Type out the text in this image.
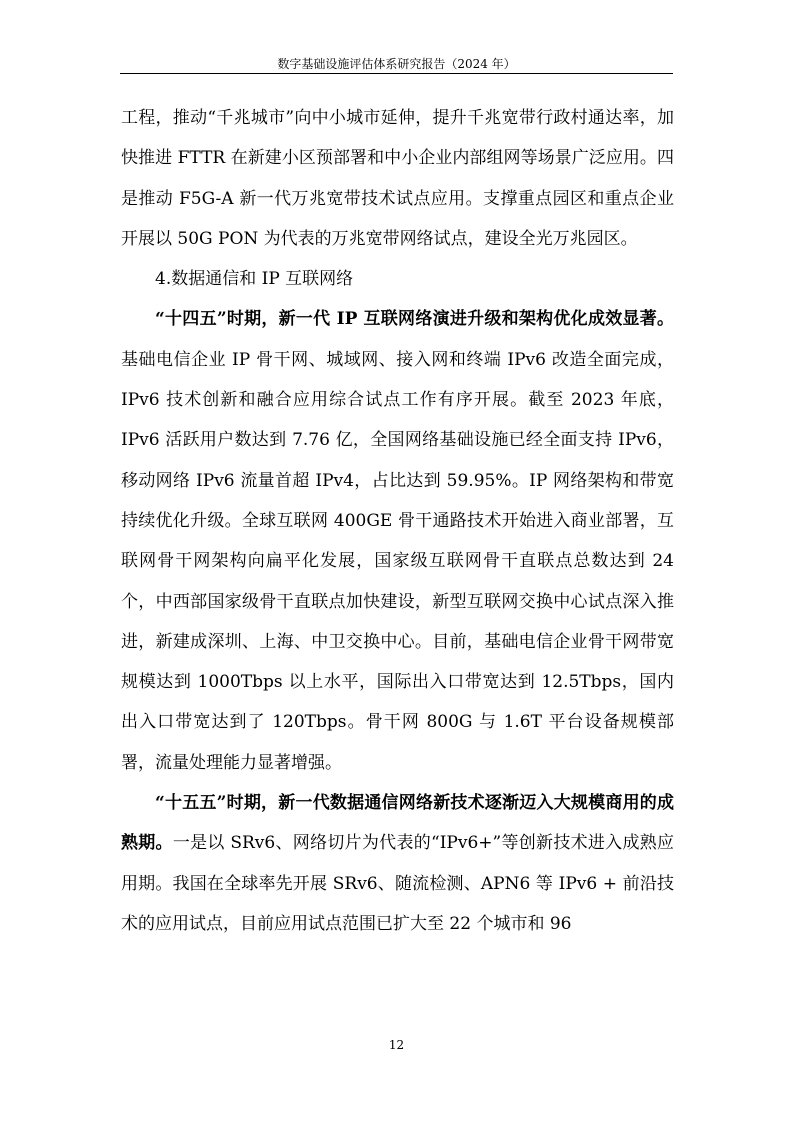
数字基础设施评估体系研究报告（2024 年）

工程，推动“千兆城市”向中小城市延伸，提升千兆宽带行政村通达率，加快推进 FTTR 在新建小区预部署和中小企业内部组网等场景广泛应用。四是推动 F5G-A 新一代万兆宽带技术试点应用。支撑重点园区和重点企业开展以 50G PON 为代表的万兆宽带网络试点，建设全光万兆园区。

4.数据通信和 IP 互联网络

“十四五”时期，新一代 IP 互联网络演进升级和架构优化成效显著。基础电信企业 IP 骨干网、城域网、接入网和终端 IPv6 改造全面完成，IPv6 技术创新和融合应用综合试点工作有序开展。截至 2023 年底，IPv6 活跃用户数达到 7.76 亿，全国网络基础设施已经全面支持 IPv6，移动网络 IPv6 流量首超 IPv4，占比达到 59.95%。IP 网络架构和带宽持续优化升级。全球互联网 400GE 骨干通路技术开始进入商业部署，互联网骨干网架构向扁平化发展，国家级互联网骨干直联点总数达到 24 个，中西部国家级骨干直联点加快建设，新型互联网交换中心试点深入推进，新建成深圳、上海、中卫交换中心。目前，基础电信企业骨干网带宽规模达到 1000Tbps 以上水平，国际出入口带宽达到 12.5Tbps，国内出入口带宽达到了 120Tbps。骨干网 800G 与 1.6T 平台设备规模部署，流量处理能力显著增强。

“十五五”时期，新一代数据通信网络新技术逐渐迈入大规模商用的成熟期。一是以 SRv6、网络切片为代表的“IPv6+”等创新技术进入成熟应用期。我国在全球率先开展 SRv6、随流检测、APN6 等 IPv6 + 前沿技术的应用试点，目前应用试点范围已扩大至 22 个城市和 96

12
